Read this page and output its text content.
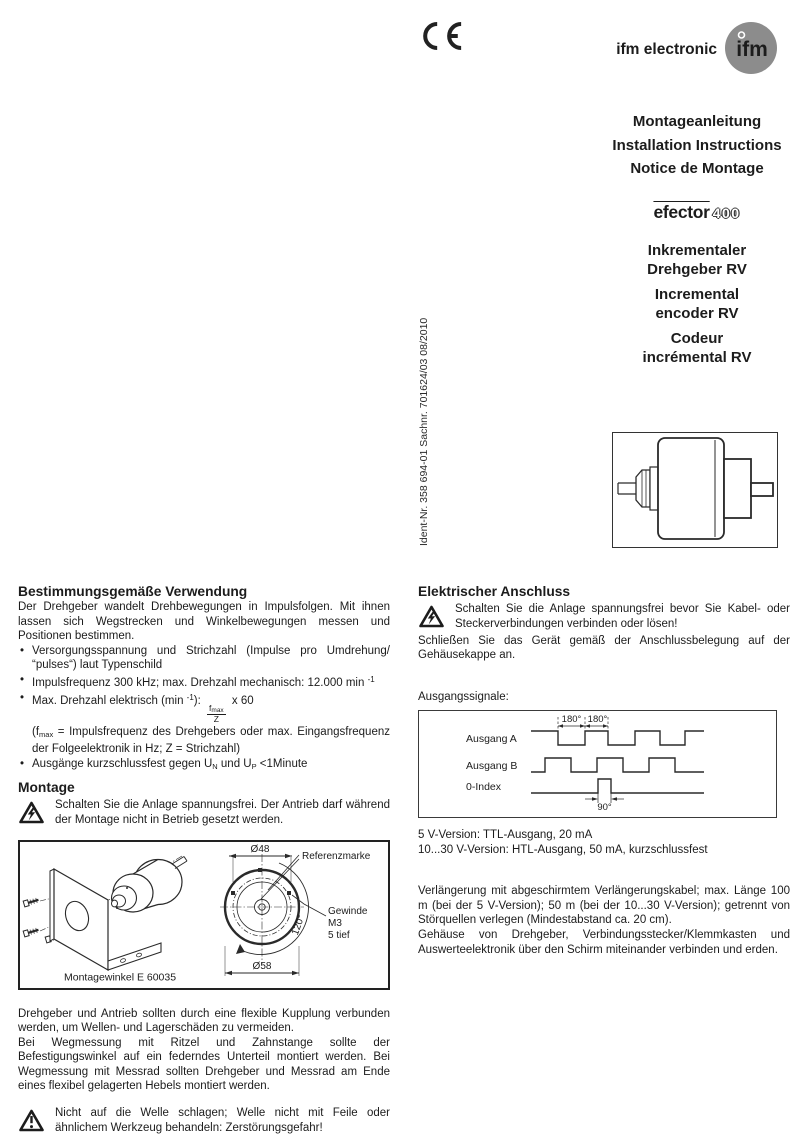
ifm electronic ifm
Montageanleitung
Installation Instructions
Notice de Montage
efector 400
Inkrementaler
Drehgeber RV
Incremental
encoder RV
Codeur
incrémental RV
Ident-Nr. 358 694-01 Sachnr. 701624/03 08/2010
Bestimmungsgemäße Verwendung

Der Drehgeber wandelt Drehbewegungen in Impulsfolgen. Mit ihnen lassen sich Wegstrecken und Winkelbewegungen messen und Positionen bestimmen.

• Versorgungsspannung und Strichzahl (Impulse pro Umdrehung/ “pulses“) laut Typenschild
• Impulsfrequenz 300 kHz; max. Drehzahl mechanisch: 12.000 min $^{-1}$
• Max. Drehzahl elektrisch (min $^{-1}$):
$\frac{f_{max}}{Z}$
x 60
($f_{max}$ = Impulsfrequenz des Drehgebers oder max. Eingangsfrequenz der Folgeelektronik in Hz; Z = Strichzahl)
• Ausgänge kurzschlussfest gegen $U_N$ und $U_P$ <1Minute
Montage

Schalten Sie die Anlage spannungsfrei. Der Antrieb darf während der Montage nicht in Betrieb gesetzt werden.

Montagewinkel E 60035
Ø48
Referenzmarke
Gewinde
M3
5 tief
120°
Ø58

Drehgeber und Antrieb sollten durch eine flexible Kupplung verbunden werden, um Wellen- und Lagerschäden zu vermeiden.

Bei Wegmessung mit Ritzel und Zahnstange sollte der Befestigungswinkel auf ein federndes Unterteil montiert werden. Bei Wegmessung mit Messrad sollten Drehgeber und Messrad am Ende eines flexibel gelagerten Hebels montiert werden.

Nicht auf die Welle schlagen; Welle nicht mit Feile oder ähnlichem Werkzeug behandeln: Zerstörungsgefahr!

Elektrischer Anschluss

Schalten Sie die Anlage spannungsfrei bevor Sie Kabel- oder Steckerverbindungen verbinden oder lösen!

Schließen Sie das Gerät gemäß der Anschlussbelegung auf der Gehäusekappe an.

Ausgangssignale:

Ausgang A
Ausgang B
0-Index
180° 180°
90°

5 V-Version: TTL-Ausgang, 20 mA

10...30 V-Version: HTL-Ausgang, 50 mA, kurzschlussfest

Verlängerung mit abgeschirmtem Verlängerungskabel; max. Länge 100 m (bei der 5 V-Version); 50 m (bei der 10...30 V-Version); getrennt von Störquellen verlegen (Mindestabstand ca. 20 cm).

Gehäuse von Drehgeber, Verbindungsstecker/Klemmkasten und Auswerteelektronik über den Schirm miteinander verbinden und erden.
